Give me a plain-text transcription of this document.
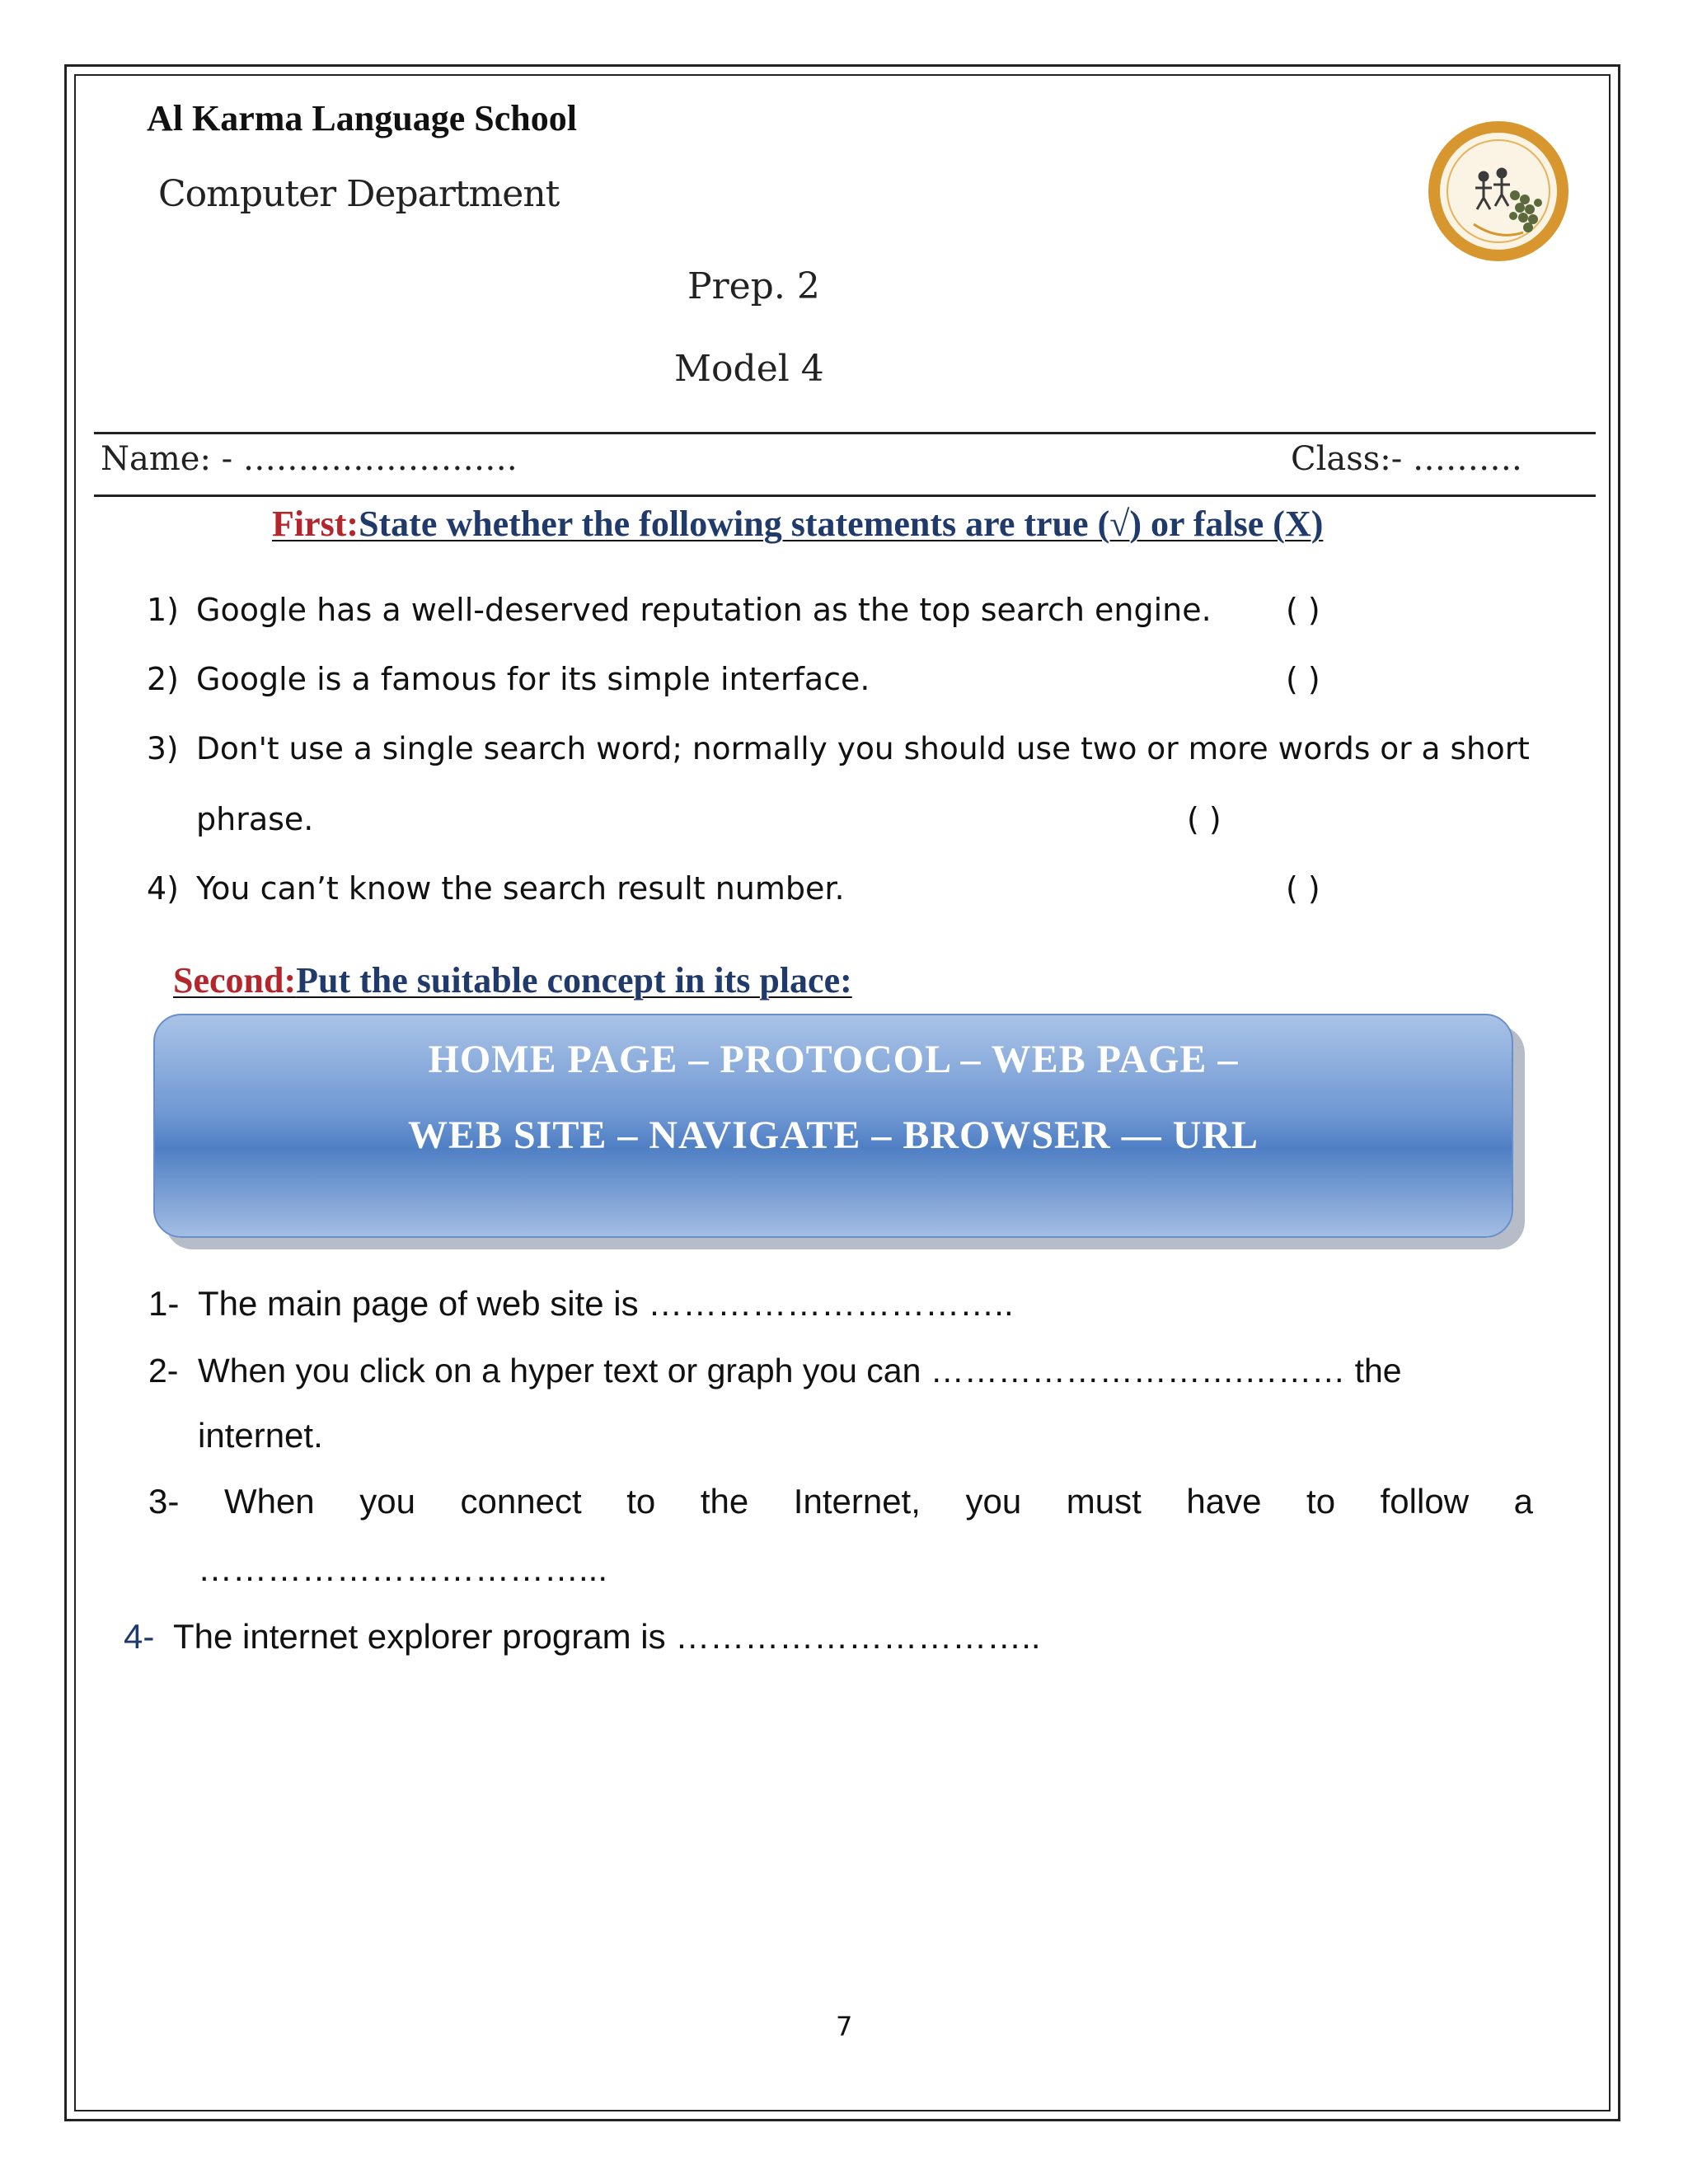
Al Karma Language School
Computer Department
Prep. 2
Model 4
Name: - …………………….	Class:- ……….
First:State whether the following statements are true (√) or false (X)
1) Google has a well-deserved reputation as the top search engine. ( )
2) Google is a famous for its simple interface.	( )
3) Don't use a single search word; normally you should use two or more words or a short
phrase.	( )
4) You can’t know the search result number.	( )
Second:Put the suitable concept in its place:
HOME PAGE – PROTOCOL – WEB PAGE –
WEB SITE – NAVIGATE – BROWSER — URL
1- The main page of web site is …………………………..
2- When you click on a hyper text or graph you can ……………………….……… the
internet.
3- When you connect to the Internet, you must have to follow a
……………………………...
4- The internet explorer program is …………………………..
7
